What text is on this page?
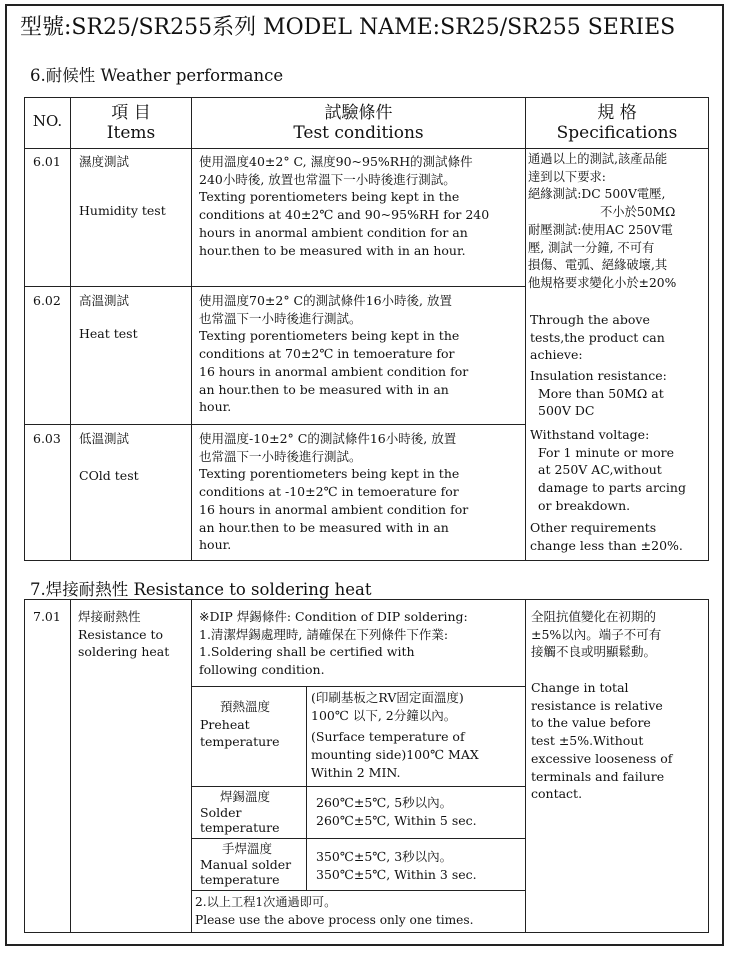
型號:SR25/SR255系列 MODEL NAME:SR25/SR255 SERIES
6.耐候性 Weather performance
NO.	項 目
Items
試驗條件
Test conditions
規 格
Specifications
6.01 濕度測試
Humidity test
使用溫度40±2° C, 濕度90~95%RH的測試條件
240小時後, 放置也常溫下一小時後進行測試。
Texting porentiometers being kept in the
conditions at 40±2℃ and 90~95%RH for 240
hours in anormal ambient condition for an
hour.then to be measured with in an hour.
6.02 高溫測試
Heat test
使用溫度70±2° C的測試條件16小時後, 放置
也常溫下一小時後進行測試。
Texting porentiometers being kept in the
conditions at 70±2℃ in temoerature for
16 hours in anormal ambient condition for
an hour.then to be measured with in an
hour.
6.03 低溫測試
COld test
使用溫度-10±2° C的測試條件16小時後, 放置
也常溫下一小時後進行測試。
Texting porentiometers being kept in the
conditions at -10±2℃ in temoerature for
16 hours in anormal ambient condition for
an hour.then to be measured with in an
hour.
通過以上的測試,該產品能
達到以下要求:
絕緣測試:DC 500V電壓,
不小於50MΩ
耐壓測試:使用AC 250V電
壓, 測試一分鐘, 不可有
損傷、電弧、絕緣破壞,其
他規格要求變化小於±20%
Through the above
tests,the product can
achieve:
Insulation resistance:
More than 50MΩ at
500V DC
Withstand voltage:
For 1 minute or more
at 250V AC,without
damage to parts arcing
or breakdown.
Other requirements
change less than ±20%.
7.焊接耐熱性 Resistance to soldering heat
7.01 焊接耐熱性
Resistance to
soldering heat
※DIP 焊錫條件: Condition of DIP soldering:
1.清潔焊錫處理時, 請確保在下列條件下作業:
1.Soldering shall be certified with
following condition.
預熱溫度
Preheat
temperature
(印刷基板之RV固定面溫度)
100℃ 以下, 2分鐘以內。
(Surface temperature of
mounting side)100℃ MAX
Within 2 MIN.
焊錫溫度
Solder
temperature
260℃±5℃, 5秒以內。
260℃±5℃, Within 5 sec.
手焊溫度
Manual solder
temperature
350℃±5℃, 3秒以內。
350℃±5℃, Within 3 sec.
2.以上工程1次通過即可。
Please use the above process only one times.
全阻抗值變化在初期的
±5%以內。端子不可有
接觸不良或明顯鬆動。
Change in total
resistance is relative
to the value before
test ±5%.Without
excessive looseness of
terminals and failure
contact.
